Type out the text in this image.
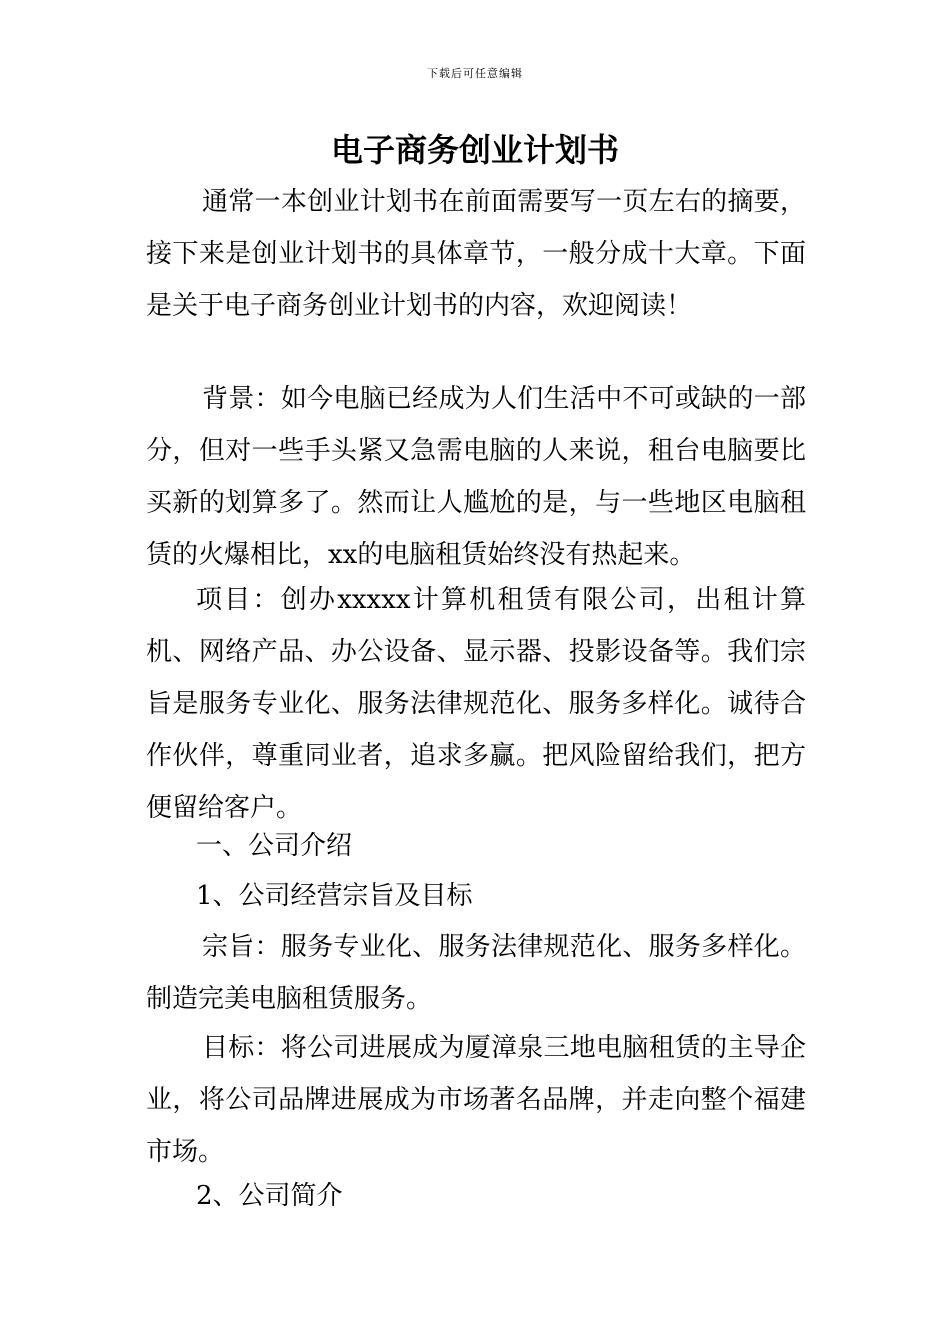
下载后可任意编辑
电子商务创业计划书

通常一本创业计划书在前面需要写一页左右的摘要，接下来是创业计划书的具体章节，一般分成十大章。下面是关于电子商务创业计划书的内容，欢迎阅读！

背景：如今电脑已经成为人们生活中不可或缺的一部分，但对一些手头紧又急需电脑的人来说，租台电脑要比买新的划算多了。然而让人尴尬的是，与一些地区电脑租赁的火爆相比，xx的电脑租赁始终没有热起来。

项目：创办xxxxx计算机租赁有限公司，出租计算机、网络产品、办公设备、显示器、投影设备等。我们宗旨是服务专业化、服务法律规范化、服务多样化。诚待合作伙伴，尊重同业者，追求多赢。把风险留给我们，把方便留给客户。

一、公司介绍

1、公司经营宗旨及目标

宗旨：服务专业化、服务法律规范化、服务多样化。制造完美电脑租赁服务。

目标：将公司进展成为厦漳泉三地电脑租赁的主导企业，将公司品牌进展成为市场著名品牌，并走向整个福建市场。

2、公司简介
